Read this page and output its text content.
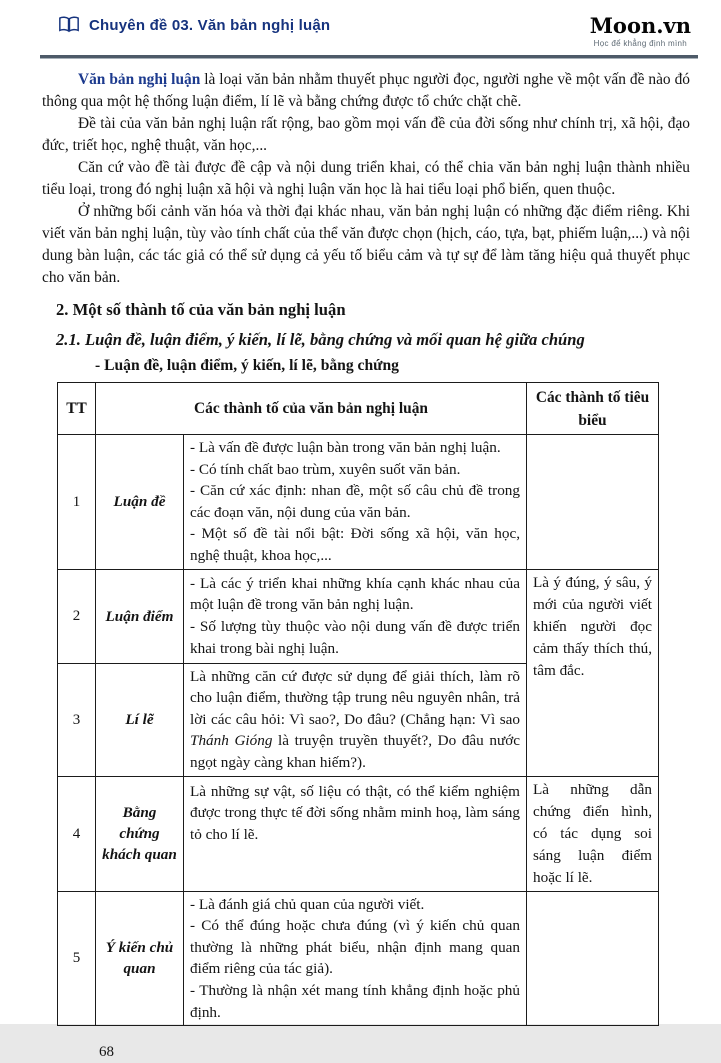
Chuyên đề 03. Văn bản nghị luận	Moon.vn
Học để khẳng định mình

Văn bản nghị luận là loại văn bản nhằm thuyết phục người đọc, người nghe về một vấn đề nào đó thông qua một hệ thống luận điểm, lí lẽ và bằng chứng được tổ chức chặt chẽ.

Đề tài của văn bản nghị luận rất rộng, bao gồm mọi vấn đề của đời sống như chính trị, xã hội, đạo đức, triết học, nghệ thuật, văn học,...

Căn cứ vào đề tài được đề cập và nội dung triển khai, có thể chia văn bản nghị luận thành nhiều tiểu loại, trong đó nghị luận xã hội và nghị luận văn học là hai tiểu loại phổ biến, quen thuộc.

Ở những bối cảnh văn hóa và thời đại khác nhau, văn bản nghị luận có những đặc điểm riêng. Khi viết văn bản nghị luận, tùy vào tính chất của thể văn được chọn (hịch, cáo, tựa, bạt, phiếm luận,...) và nội dung bàn luận, các tác giả có thể sử dụng cả yếu tố biểu cảm và tự sự để làm tăng hiệu quả thuyết phục cho văn bản.

2. Một số thành tố của văn bản nghị luận
2.1. Luận đề, luận điểm, ý kiến, lí lẽ, bằng chứng và mối quan hệ giữa chúng
- Luận đề, luận điểm, ý kiến, lí lẽ, bằng chứng
TT	Các thành tố của văn bản nghị luận		Các thành tố tiêu biểu
1	Luận đề	- Là vấn đề được luận bàn trong văn bản nghị luận.
- Có tính chất bao trùm, xuyên suốt văn bản.
- Căn cứ xác định: nhan đề, một số câu chủ đề trong các đoạn văn, nội dung của văn bản.
- Một số đề tài nổi bật: Đời sống xã hội, văn học, nghệ thuật, khoa học,...	

2	Luận điểm	- Là các ý triển khai những khía cạnh khác nhau của một luận đề trong văn bản nghị luận.
- Số lượng tùy thuộc vào nội dung vấn đề được triển khai trong bài nghị luận.	Là ý đúng, ý sâu, ý mới của người viết khiến người đọc cảm thấy thích thú, tâm đắc.
3	Lí lẽ	Là những căn cứ được sử dụng để giải thích, làm rõ cho luận điểm, thường tập trung nêu nguyên nhân, trả lời các câu hỏi: Vì sao?, Do đâu? (Chẳng hạn: Vì sao Thánh Gióng là truyện truyền thuyết?, Do đâu nước ngọt ngày càng khan hiếm?).	
4	Bằng chứng khách quan	Là những sự vật, số liệu có thật, có thể kiểm nghiệm được trong thực tế đời sống nhằm minh hoạ, làm sáng tỏ cho lí lẽ.	Là những dẫn chứng điển hình, có tác dụng soi sáng luận điểm hoặc lí lẽ.
5	Ý kiến chủ quan	- Là đánh giá chủ quan của người viết.
- Có thể đúng hoặc chưa đúng (vì ý kiến chủ quan thường là những phát biểu, nhận định mang quan điểm riêng của tác giả).
- Thường là nhận xét mang tính khẳng định hoặc phủ định.	

68
